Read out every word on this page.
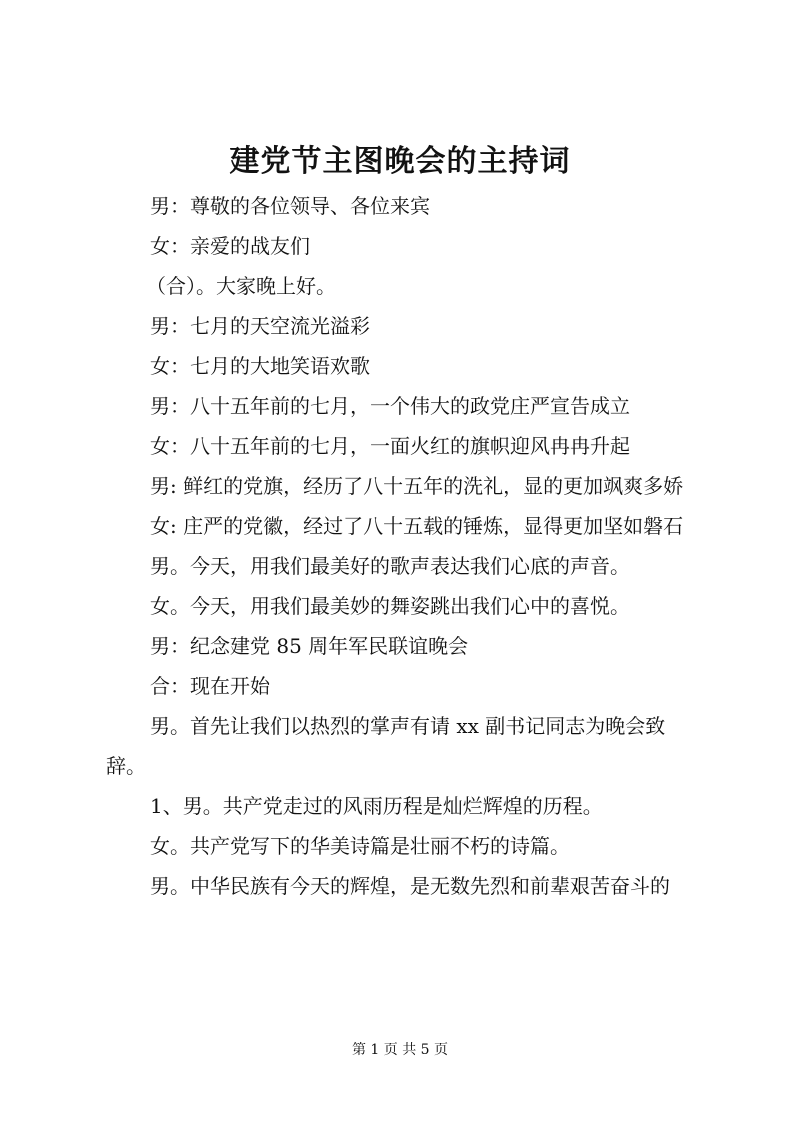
建党节主图晚会的主持词

男：尊敬的各位领导、各位来宾

女：亲爱的战友们

（合）。大家晚上好。

男：七月的天空流光溢彩

女：七月的大地笑语欢歌

男：八十五年前的七月，一个伟大的政党庄严宣告成立

女：八十五年前的七月，一面火红的旗帜迎风冉冉升起

男: 鲜红的党旗，经历了八十五年的洗礼，显的更加飒爽多娇

女: 庄严的党徽，经过了八十五载的锤炼，显得更加坚如磐石

男。今天，用我们最美好的歌声表达我们心底的声音。

女。今天，用我们最美妙的舞姿跳出我们心中的喜悦。

男：纪念建党 85 周年军民联谊晚会

合：现在开始

男。首先让我们以热烈的掌声有请 xx 副书记同志为晚会致辞。

1、男。共产党走过的风雨历程是灿烂辉煌的历程。

女。共产党写下的华美诗篇是壮丽不朽的诗篇。

男。中华民族有今天的辉煌，是无数先烈和前辈艰苦奋斗的

第 1 页 共 5 页
